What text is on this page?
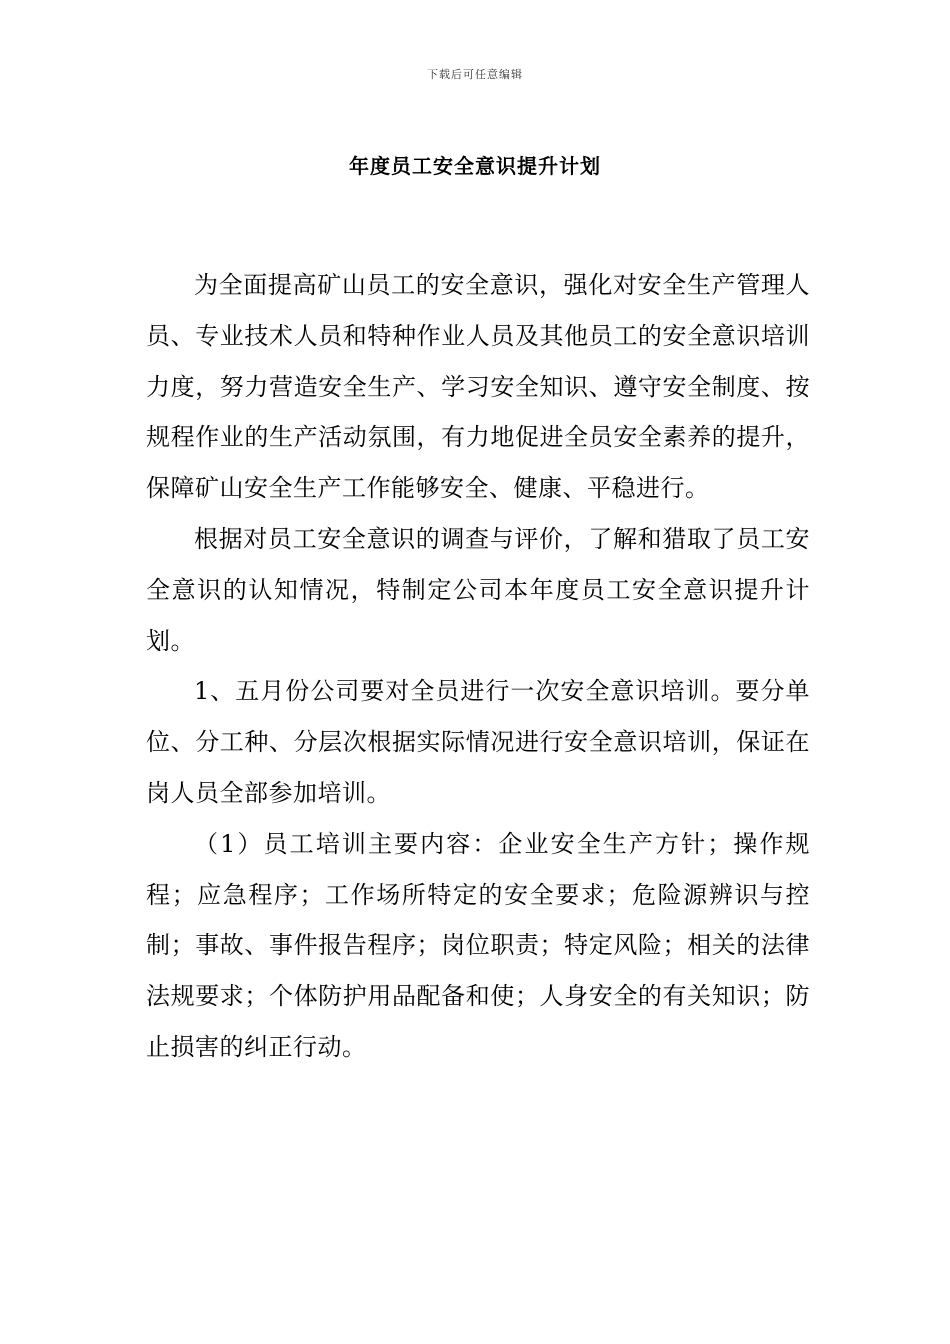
下载后可任意编辑
年度员工安全意识提升计划

为全面提高矿山员工的安全意识，强化对安全生产管理人员、专业技术人员和特种作业人员及其他员工的安全意识培训力度，努力营造安全生产、学习安全知识、遵守安全制度、按规程作业的生产活动氛围，有力地促进全员安全素养的提升，保障矿山安全生产工作能够安全、健康、平稳进行。

根据对员工安全意识的调查与评价，了解和猎取了员工安全意识的认知情况，特制定公司本年度员工安全意识提升计划。

1、五月份公司要对全员进行一次安全意识培训。要分单位、分工种、分层次根据实际情况进行安全意识培训，保证在岗人员全部参加培训。

（1）员工培训主要内容：企业安全生产方针；操作规程；应急程序；工作场所特定的安全要求；危险源辨识与控制；事故、事件报告程序；岗位职责；特定风险；相关的法律法规要求；个体防护用品配备和使；人身安全的有关知识；防止损害的纠正行动。
